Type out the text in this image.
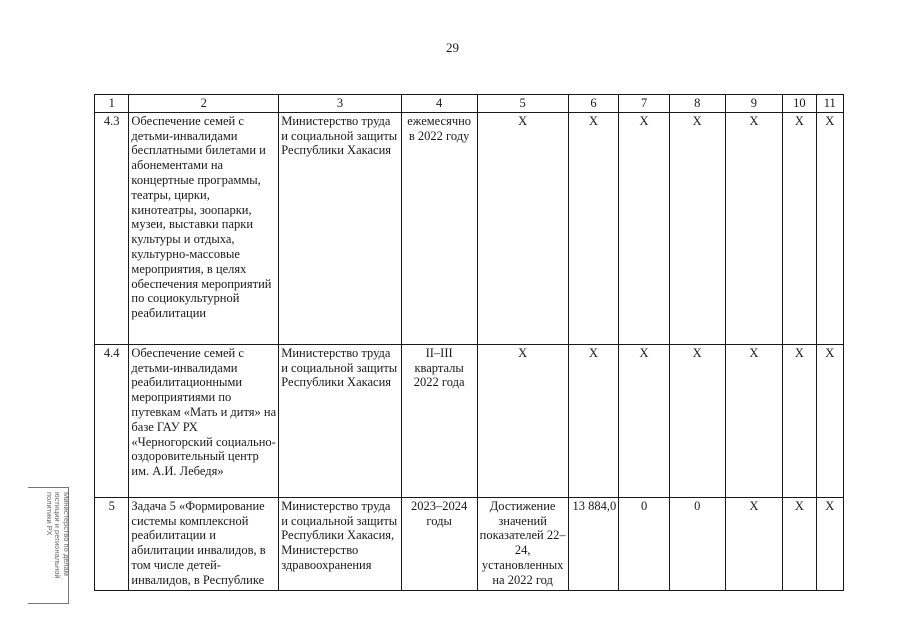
29
1	2	3	4	5	6	7	8	9	10	11
4.3	Обеспечение семей с детьми-инвалидами бесплатными билетами и абонементами на концертные программы, театры, цирки, кинотеатры, зоопарки, музеи, выставки парки культуры и отдыха, культурно-массовые мероприятия, в целях обеспечения мероприятий по социокультурной реабилитации	Министерство труда и социальной защиты Республики Хакасия	ежемесячно в 2022 году	Х	Х	Х	Х	Х	Х	Х
4.4	Обеспечение семей с детьми-инвалидами реабилитационными мероприятиями по путевкам «Мать и дитя» на базе ГАУ РХ «Черногорский социально-оздоровительный центр им. А.И. Лебедя»	Министерство труда и социальной защиты Республики Хакасия	II–III кварталы 2022 года	Х	Х	Х	Х	Х	Х	Х
5	Задача 5 «Формирование системы комплексной реабилитации и абилитации инвалидов, в том числе детей-инвалидов, в Республике	Министерство труда и социальной защиты Республики Хакасия, Министерство здравоохранения	2023–2024 годы	Достижение значений показателей 22–24, установленных на 2022 год	13 884,0	0	0	Х	Х	Х
Министерство по делам
юстиции и региональной
политики РХ
